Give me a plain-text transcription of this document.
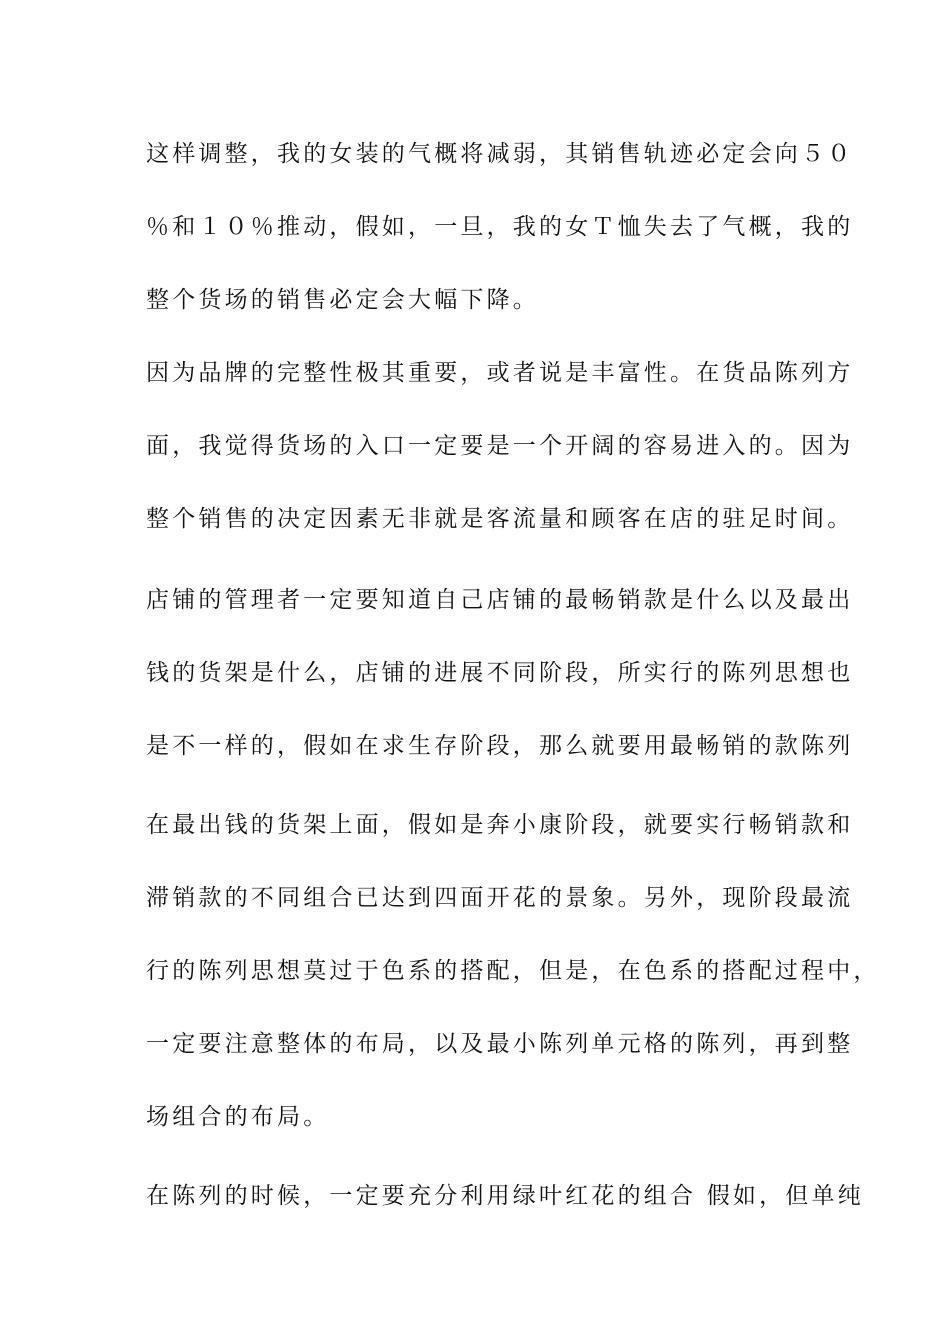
这样调整，我的女装的气概将减弱，其销售轨迹必定会向５０
％和１０％推动，假如，一旦，我的女Ｔ恤失去了气概，我的
整个货场的销售必定会大幅下降。
因为品牌的完整性极其重要，或者说是丰富性。在货品陈列方
面，我觉得货场的入口一定要是一个开阔的容易进入的。因为
整个销售的决定因素无非就是客流量和顾客在店的驻足时间。
店铺的管理者一定要知道自己店铺的最畅销款是什么以及最出
钱的货架是什么，店铺的进展不同阶段，所实行的陈列思想也
是不一样的，假如在求生存阶段，那么就要用最畅销的款陈列
在最出钱的货架上面，假如是奔小康阶段，就要实行畅销款和
滞销款的不同组合已达到四面开花的景象。另外，现阶段最流
行的陈列思想莫过于色系的搭配，但是，在色系的搭配过程中，
一定要注意整体的布局，以及最小陈列单元格的陈列，再到整
场组合的布局。
在陈列的时候，一定要充分利用绿叶红花的组合 假如，但单纯
